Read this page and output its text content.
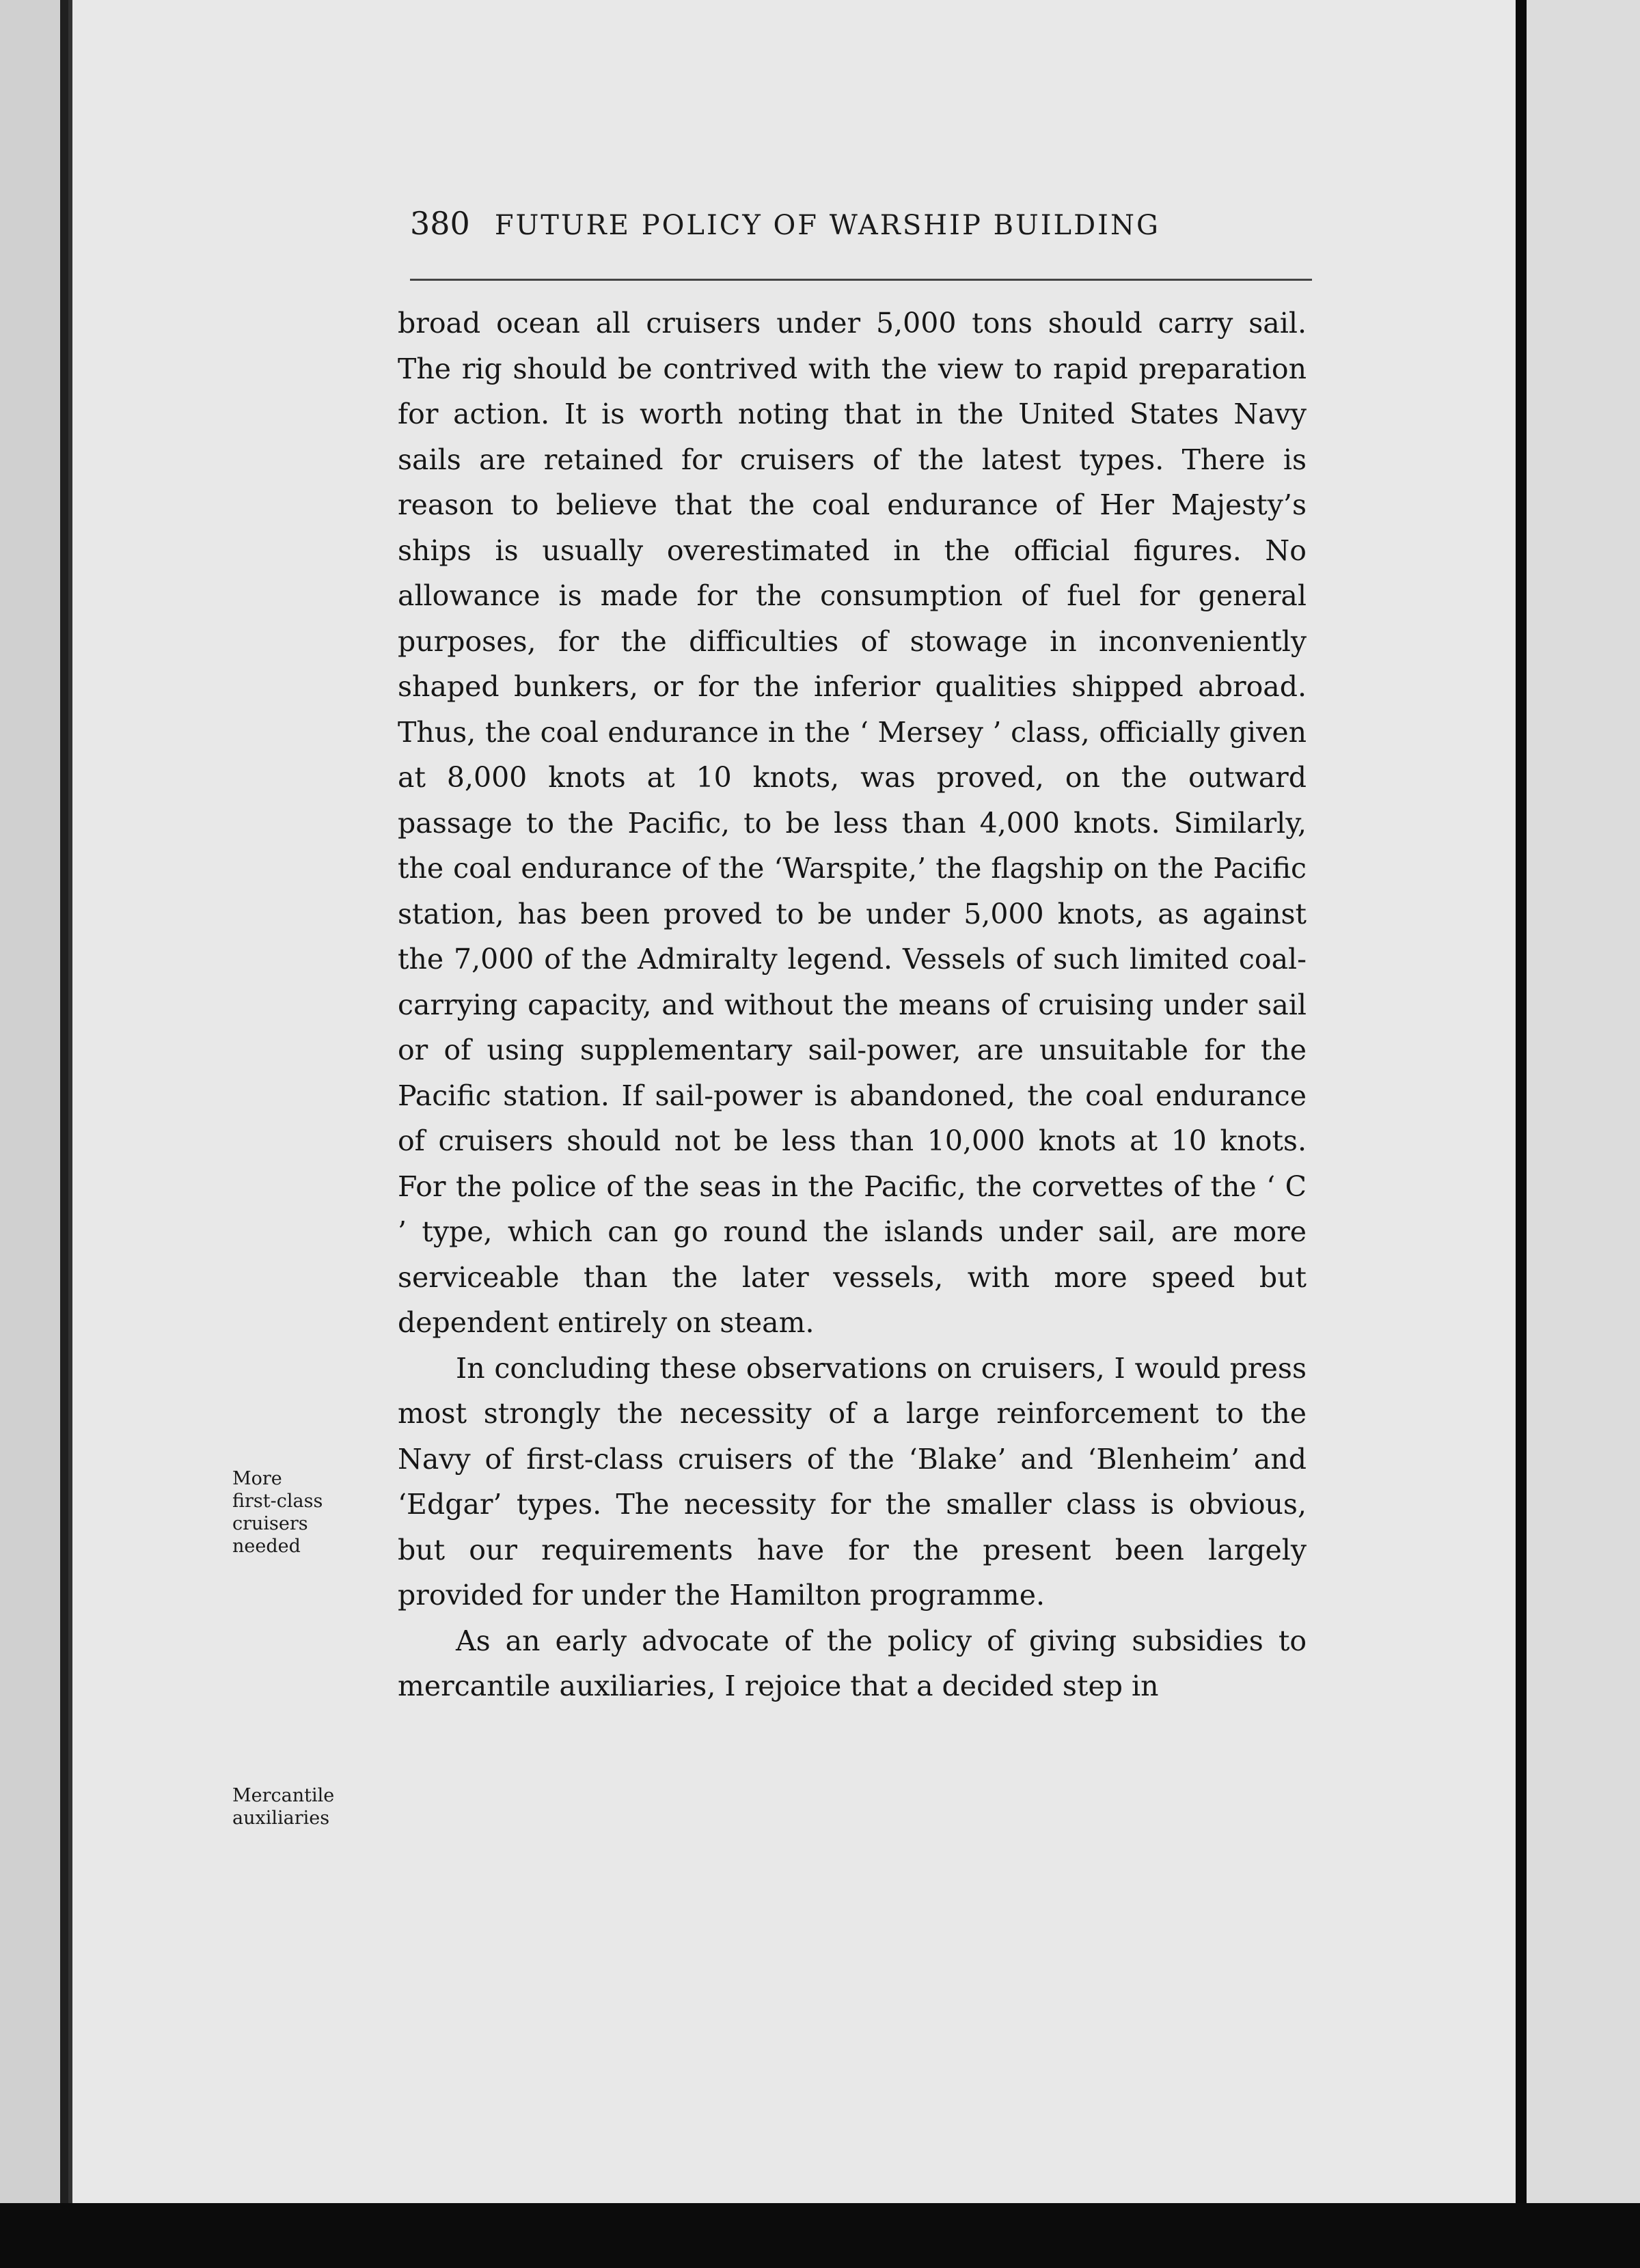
380 FUTURE POLICY OF WARSHIP BUILDING

broad ocean all cruisers under 5,000 tons should carry sail. The rig should be contrived with the view to rapid preparation for action. It is worth noting that in the United States Navy sails are retained for cruisers of the latest types. There is reason to believe that the coal endurance of Her Majesty’s ships is usually overestimated in the official figures. No allowance is made for the consumption of fuel for general purposes, for the difficulties of stowage in inconveniently shaped bunkers, or for the inferior qualities shipped abroad. Thus, the coal endurance in the ‘ Mersey ’ class, officially given at 8,000 knots at 10 knots, was proved, on the outward passage to the Pacific, to be less than 4,000 knots. Similarly, the coal endurance of the ‘Warspite,’ the flagship on the Pacific station, has been proved to be under 5,000 knots, as against the 7,000 of the Admiralty legend. Vessels of such limited coal-carrying capacity, and without the means of cruising under sail or of using supplementary sail-power, are unsuitable for the Pacific station. If sail-power is abandoned, the coal endurance of cruisers should not be less than 10,000 knots at 10 knots. For the police of the seas in the Pacific, the corvettes of the ‘ C ’ type, which can go round the islands under sail, are more serviceable than the later vessels, with more speed but dependent entirely on steam.

In concluding these observations on cruisers, I would press most strongly the necessity of a large reinforcement to the Navy of first-class cruisers of the ‘Blake’ and ‘Blenheim’ and ‘Edgar’ types. The necessity for the smaller class is obvious, but our requirements have for the present been largely provided for under the Hamilton programme.

As an early advocate of the policy of giving subsidies to mercantile auxiliaries, I rejoice that a decided step in

More
first-class
cruisers
needed
Mercantile
auxiliaries
